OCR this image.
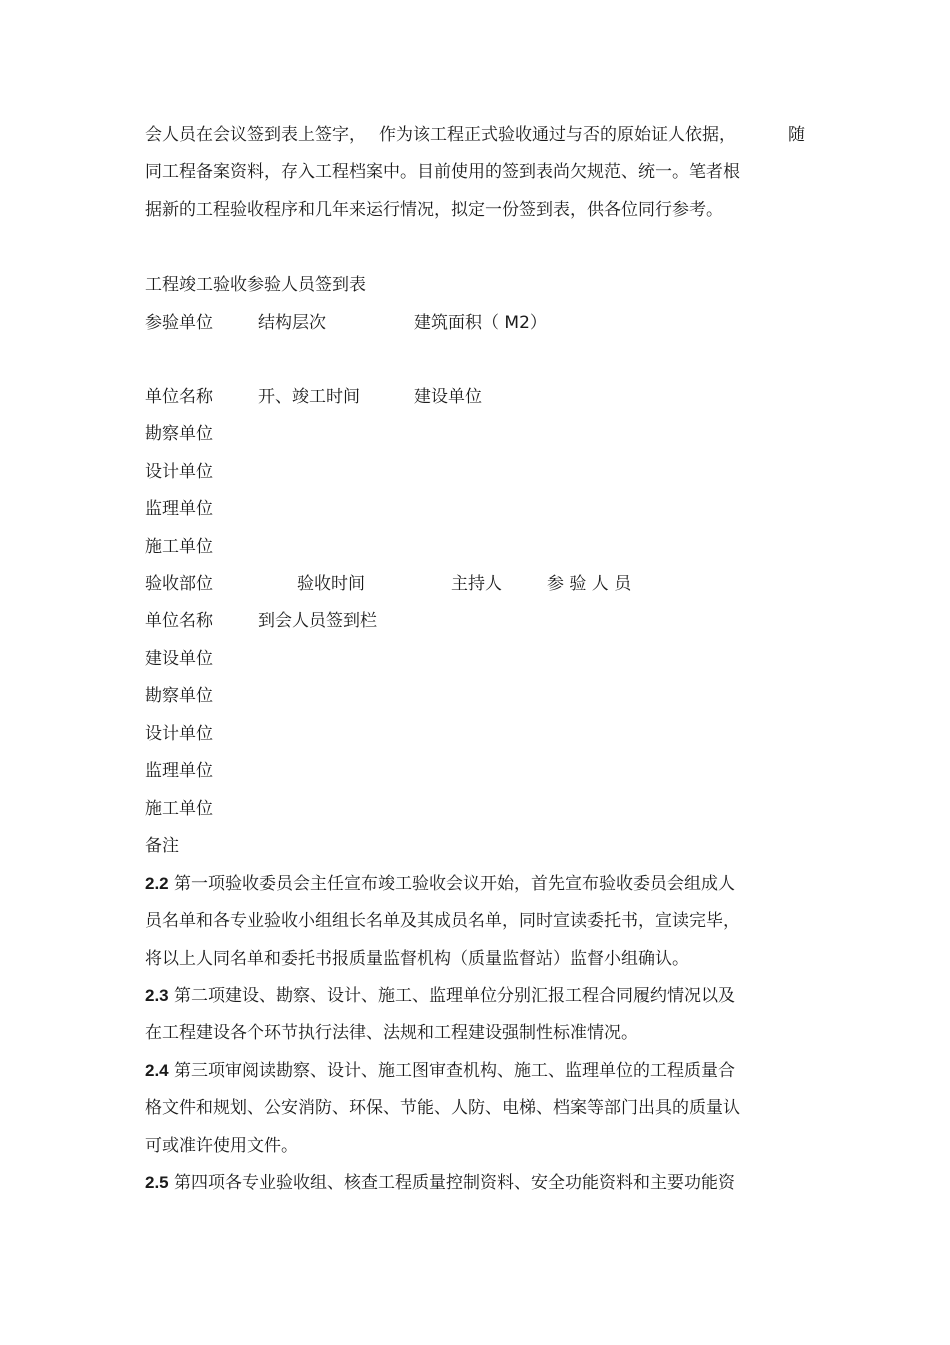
会人员在会议签到表上签字， 作为该工程正式验收通过与否的原始证人依据，	随
同工程备案资料，存入工程档案中。目前使用的签到表尚欠规范、统一。笔者根
据新的工程验收程序和几年来运行情况，拟定一份签到表，供各位同行参考。
工程竣工验收参验人员签到表
参验单位	结构层次	建筑面积（ M2）
单位名称	开、竣工时间	建设单位
勘察单位
设计单位
监理单位
施工单位
验收部位	验收时间	主持人	参 验 人 员
单位名称	到会人员签到栏
建设单位
勘察单位
设计单位
监理单位
施工单位
备注
2.2 第一项验收委员会主任宣布竣工验收会议开始，首先宣布验收委员会组成人
员名单和各专业验收小组组长名单及其成员名单，同时宣读委托书，宣读完毕，
将以上人同名单和委托书报质量监督机构（质量监督站）监督小组确认。
2.3 第二项建设、勘察、设计、施工、监理单位分别汇报工程合同履约情况以及
在工程建设各个环节执行法律、法规和工程建设强制性标准情况。
2.4 第三项审阅读勘察、设计、施工图审查机构、施工、监理单位的工程质量合
格文件和规划、公安消防、环保、节能、人防、电梯、档案等部门出具的质量认
可或准许使用文件。
2.5 第四项各专业验收组、核查工程质量控制资料、安全功能资料和主要功能资
